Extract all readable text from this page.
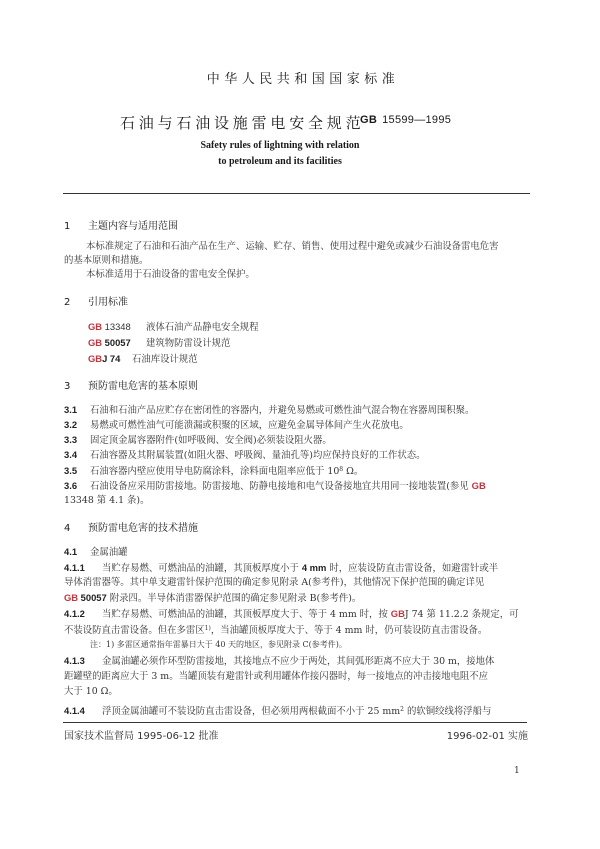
中华人民共和国国家标准
石油与石油设施雷电安全规范
GB 15599—1995
Safety rules of lightning with relation
to petroleum and its facilities
1 主题内容与适用范围
本标准规定了石油和石油产品在生产、运输、贮存、销售、使用过程中避免或减少石油设备雷电危害
的基本原则和措施。
本标准适用于石油设备的雷电安全保护。
2 引用标准
GB 13348 液体石油产品静电安全规程
GB 50057 建筑物防雷设计规范
GBJ 74 石油库设计规范
3 预防雷电危害的基本原则
3.1 石油和石油产品应贮存在密闭性的容器内，并避免易燃或可燃性油气混合物在容器周围积聚。
3.2 易燃或可燃性油气可能溃漏或积聚的区域，应避免金属导体间产生火花放电。
3.3 固定顶金属容器附件(如呼吸阀、安全阀)必须装设阻火器。
3.4 石油容器及其附属装置(如阻火器、呼吸阀、量油孔等)均应保持良好的工作状态。
3.5 石油容器内壁应使用导电防腐涂料，涂料面电阻率应低于 $10^8$ Ω。
3.6 石油设备应采用防雷接地。防雷接地、防静电接地和电气设备接地宜共用同一接地装置(参见 GB
13348 第 4.1 条)。
4 预防雷电危害的技术措施
4.1 金属油罐
4.1.1 当贮存易燃、可燃油品的油罐，其顶板厚度小于 4 mm 时，应装设防直击雷设备，如避雷针或半
导体消雷器等。其中单支避雷针保护范围的确定参见附录 A(参考件)，其他情况下保护范围的确定详见
GB 50057 附录四。半导体消雷器保护范围的确定参见附录 B(参考件)。
4.1.2 当贮存易燃、可燃油品的油罐，其顶板厚度大于、等于 4 mm 时，按 GBJ 74 第 11.2.2 条规定，可
不装设防直击雷设备。但在多雷区$^{1)}$，当油罐顶板厚度大于、等于 4 mm 时，仍可装设防直击雷设备。
注：1) 多雷区通常指年雷暴日大于 40 天的地区，参见附录 C(参考件)。
4.1.3 金属油罐必须作环型防雷接地，其接地点不应少于两处，其间弧形距离不应大于 30 m，接地体
距罐壁的距离应大于 3 m。当罐顶装有避雷针或利用罐体作接闪器时，每一接地点的冲击接地电阻不应
大于 10 Ω。
4.1.4 浮顶金属油罐可不装设防直击雷设备，但必须用两根截面不小于 25 $mm^2$ 的软铜绞线将浮船与
国家技术监督局 1995-06-12 批准	1996-02-01 实施
1
